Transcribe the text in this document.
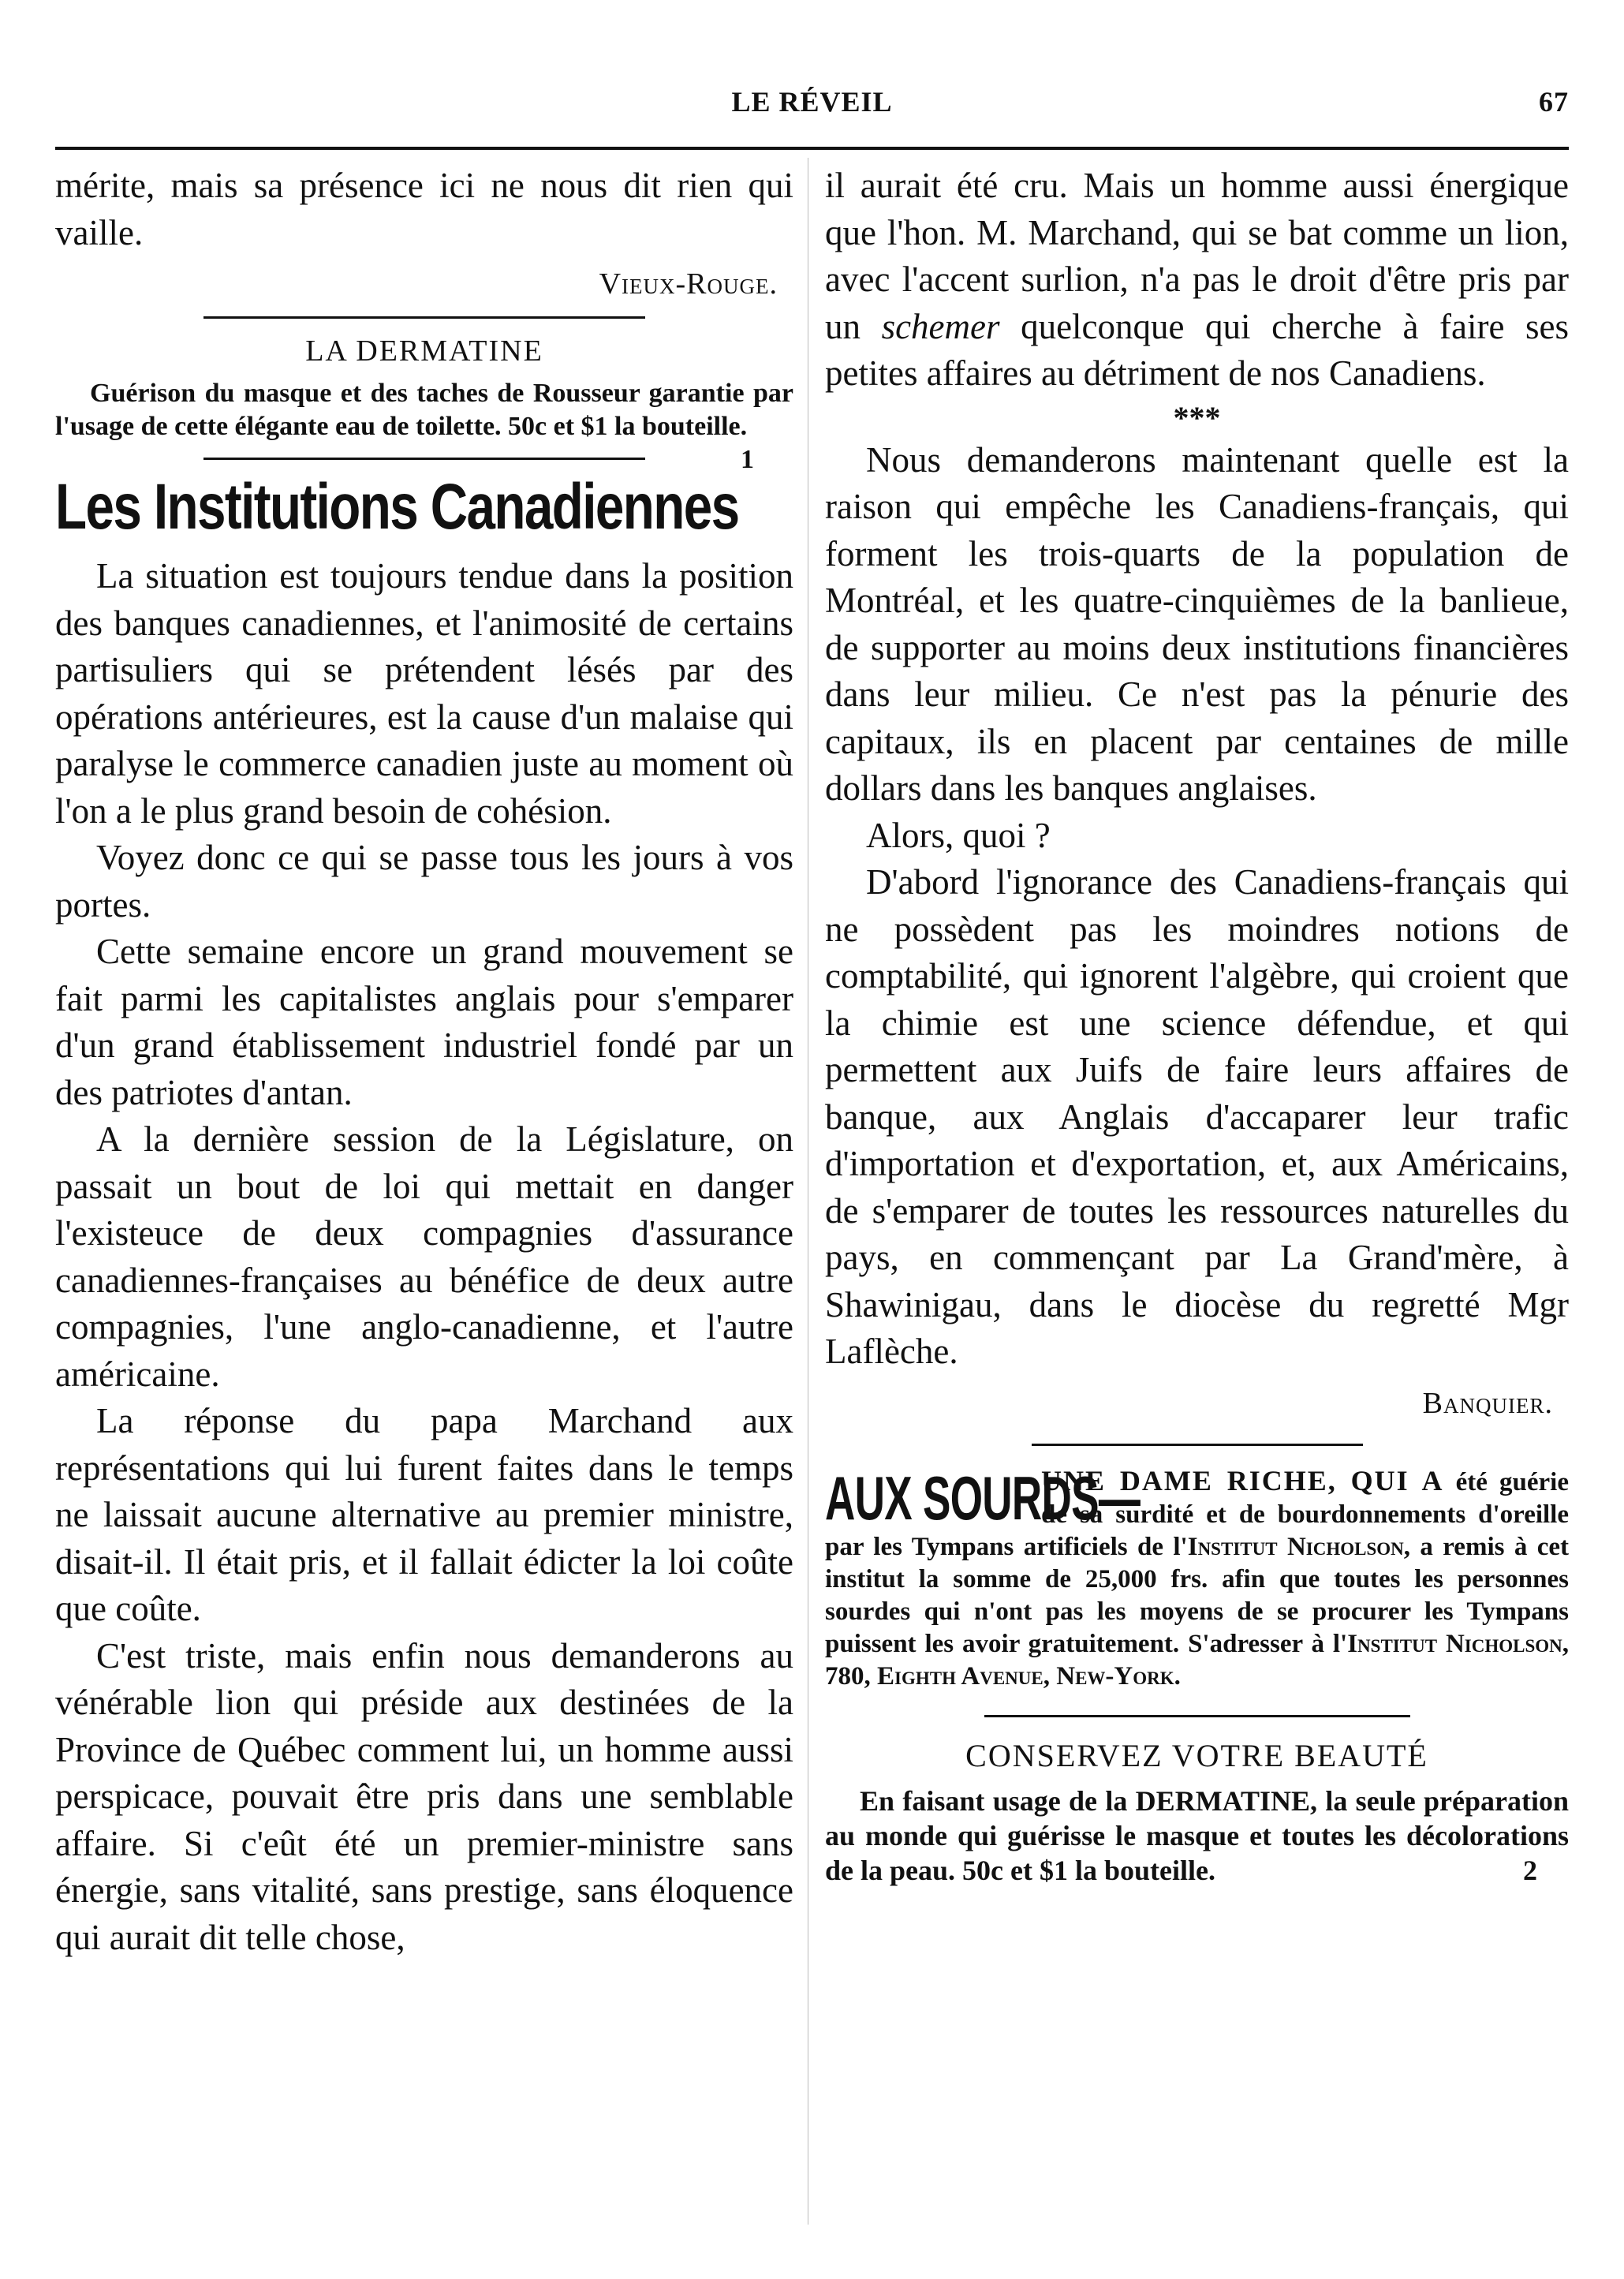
LE RÉVEIL	67

mérite, mais sa présence ici ne nous dit rien qui vaille.

Vieux-Rouge.
LA DERMATINE

Guérison du masque et des taches de Rousseur garantie par l'usage de cette élégante eau de toilette. 50c et $1 la bouteille.
1

Les Institutions Canadiennes

La situation est toujours tendue dans la position des banques canadiennes, et l'animosité de certains partisuliers qui se prétendent lésés par des opérations antérieures, est la cause d'un malaise qui paralyse le commerce canadien juste au moment où l'on a le plus grand besoin de cohésion.

Voyez donc ce qui se passe tous les jours à vos portes.

Cette semaine encore un grand mouvement se fait parmi les capitalistes anglais pour s'emparer d'un grand établissement industriel fondé par un des patriotes d'antan.

A la dernière session de la Législature, on passait un bout de loi qui mettait en danger l'existeuce de deux compagnies d'assurance canadiennes-françaises au bénéfice de deux autre compagnies, l'une anglo-canadienne, et l'autre américaine.

La réponse du papa Marchand aux représentations qui lui furent faites dans le temps ne laissait aucune alternative au premier ministre, disait-il. Il était pris, et il fallait édicter la loi coûte que coûte.

C'est triste, mais enfin nous demanderons au vénérable lion qui préside aux destinées de la Province de Québec comment lui, un homme aussi perspicace, pouvait être pris dans une semblable affaire. Si c'eût été un premier-ministre sans énergie, sans vitalité, sans prestige, sans éloquence qui aurait dit telle chose,

il aurait été cru. Mais un homme aussi énergique que l'hon. M. Marchand, qui se bat comme un lion, avec l'accent surlion, n'a pas le droit d'être pris par un schemer quelconque qui cherche à faire ses petites affaires au détriment de nos Canadiens.

***

Nous demanderons maintenant quelle est la raison qui empêche les Canadiens-français, qui forment les trois-quarts de la population de Montréal, et les quatre-cinquièmes de la banlieue, de supporter au moins deux institutions financières dans leur milieu. Ce n'est pas la pénurie des capitaux, ils en placent par centaines de mille dollars dans les banques anglaises.

Alors, quoi ?

D'abord l'ignorance des Canadiens-français qui ne possèdent pas les moindres notions de comptabilité, qui ignorent l'algèbre, qui croient que la chimie est une science défendue, et qui permettent aux Juifs de faire leurs affaires de banque, aux Anglais d'accaparer leur trafic d'importation et d'exportation, et, aux Américains, de s'emparer de toutes les ressources naturelles du pays, en commençant par La Grand'mère, à Shawinigau, dans le diocèse du regretté Mgr Laflèche.

Banquier.
AUX SOURDS—
UNE DAME RICHE, QUI A été guérie de sa surdité et de bourdonnements d'oreille par les Tympans artificiels de l'Institut Nicholson, a remis à cet institut la somme de 25,000 frs. afin que toutes les personnes sourdes qui n'ont pas les moyens de se procurer les Tympans puissent les avoir gratuitement. S'adresser à l'Institut Nicholson, 780, Eighth Avenue, New-York.
CONSERVEZ VOTRE BEAUTÉ

En faisant usage de la DERMATINE, la seule préparation au monde qui guérisse le masque et toutes les décolorations de la peau. 50c et $1 la bouteille.	2
